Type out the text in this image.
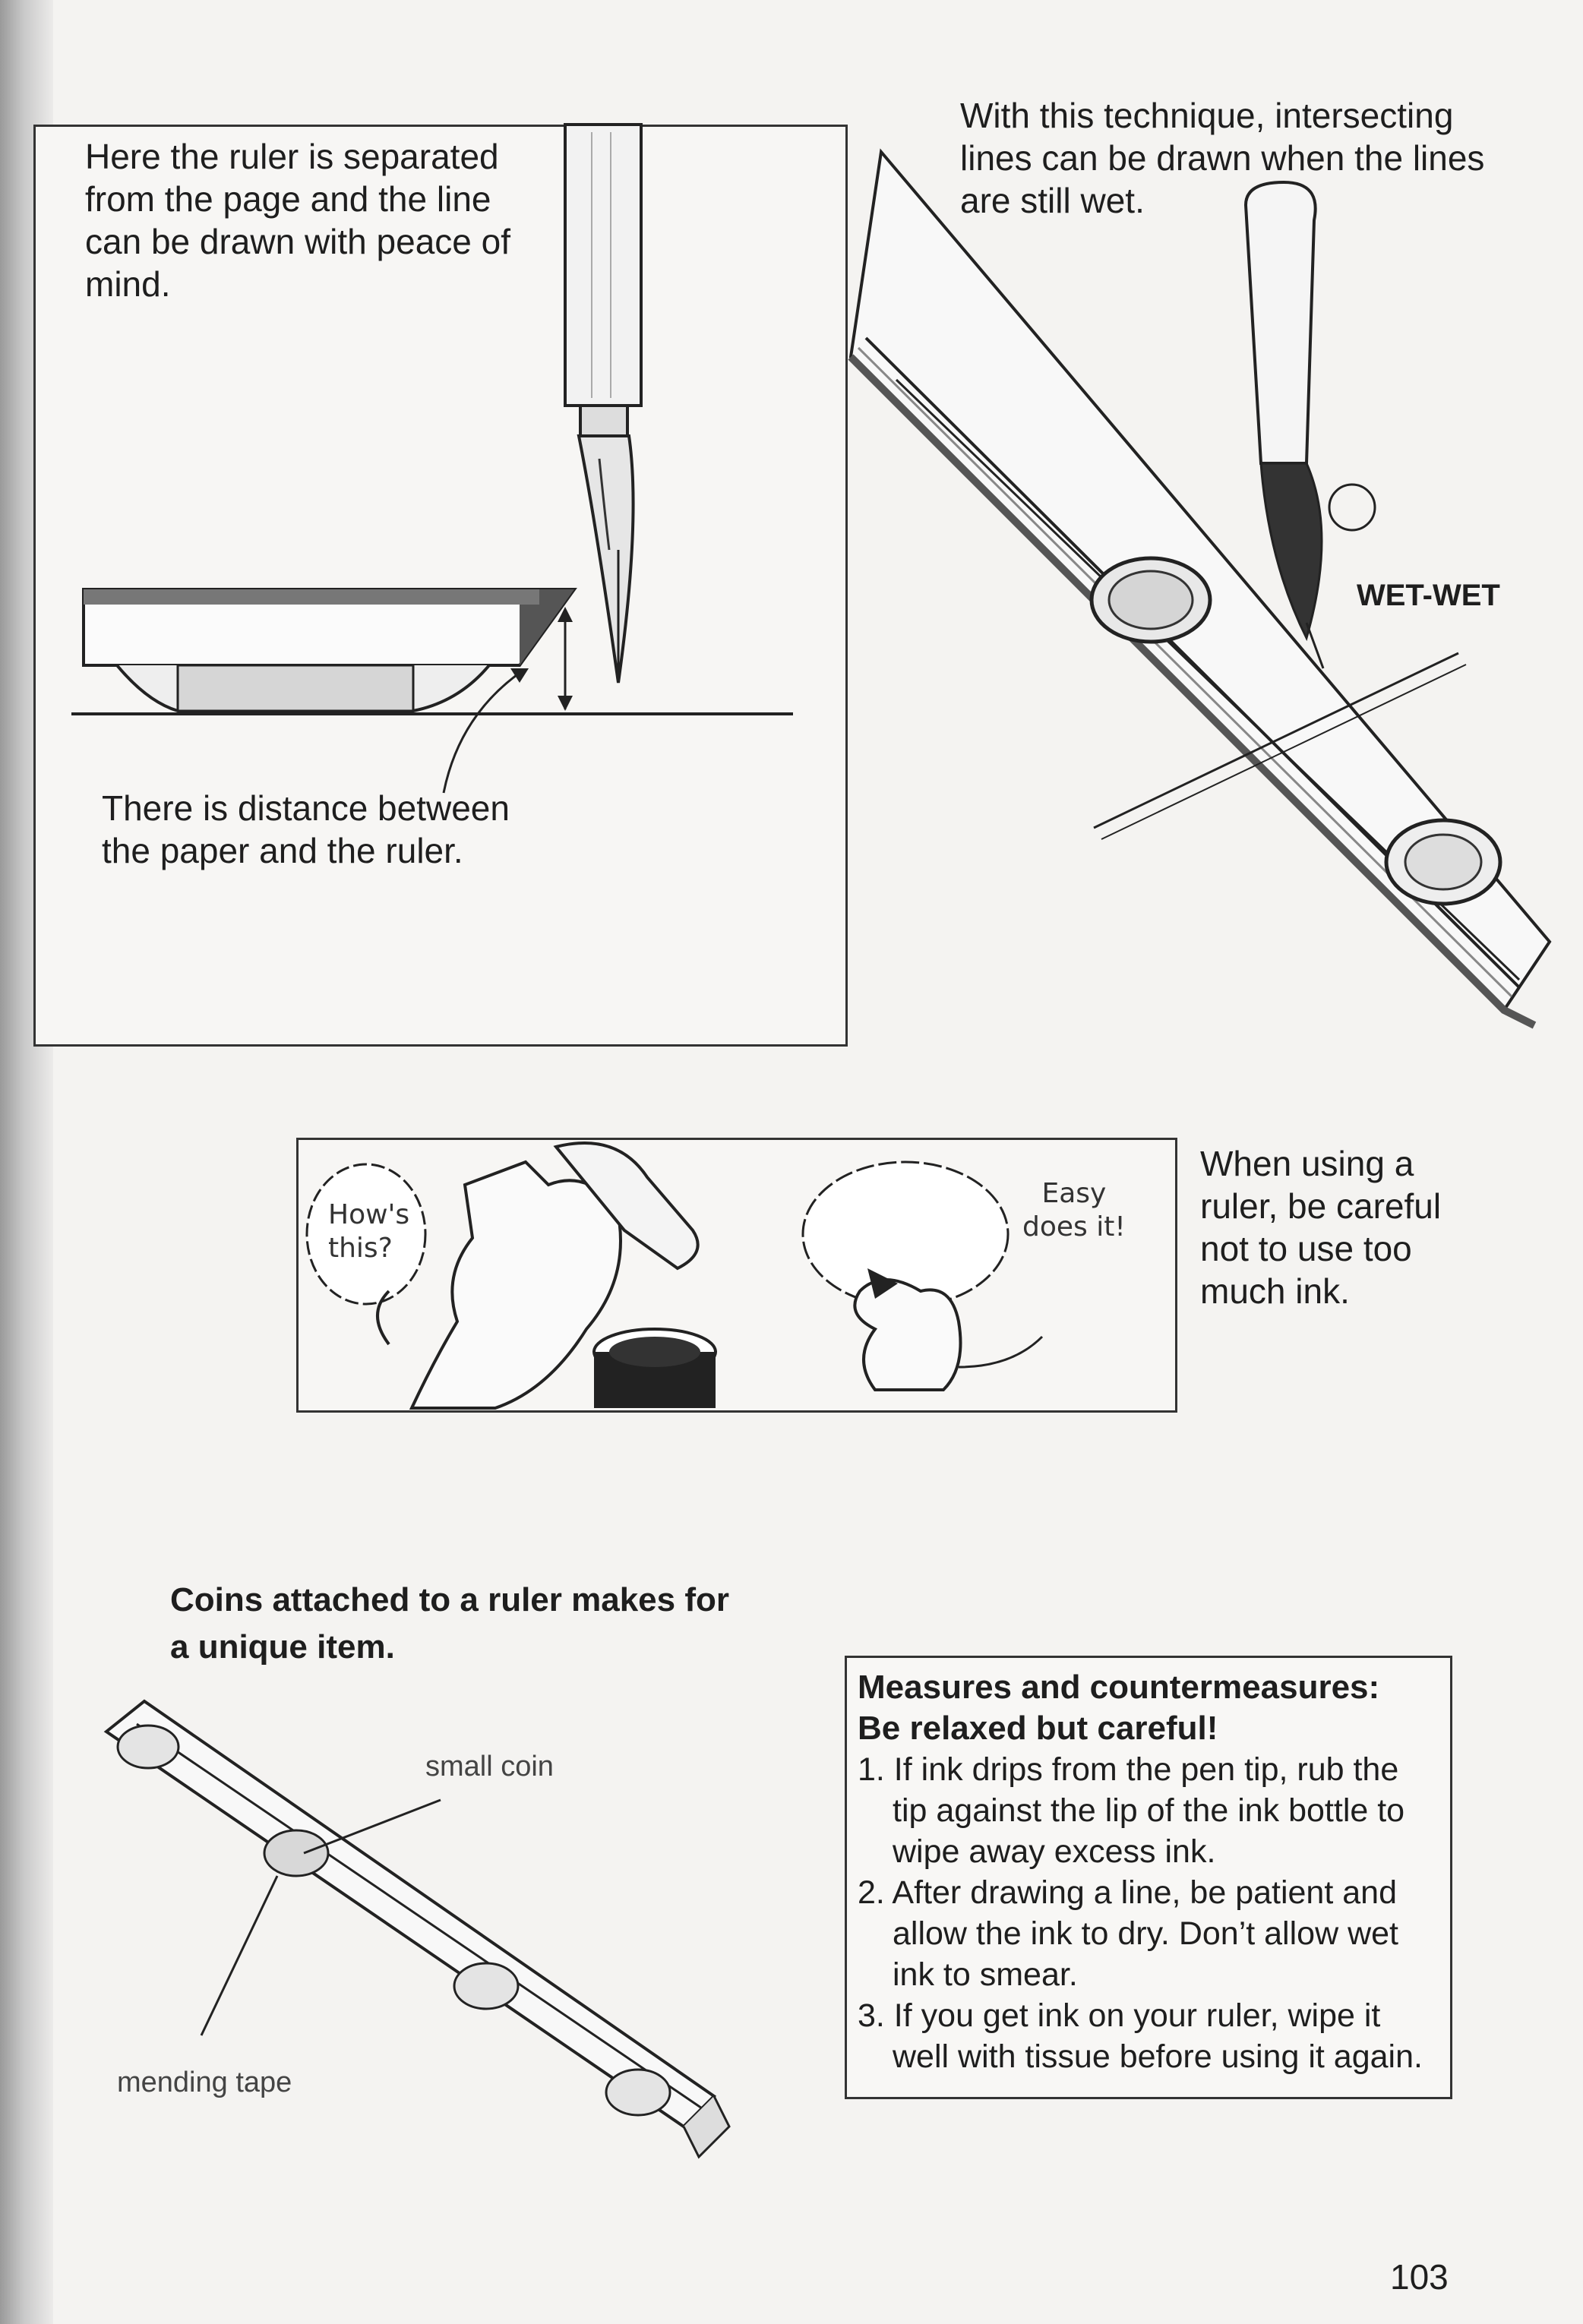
Here the ruler is separated
from the page and the line
can be drawn with peace of
mind.
There is distance between
the paper and the ruler.
With this technique, intersecting
lines can be drawn when the lines
are still wet.
WET-WET
How's
this?
Easy
does it!
When using a
ruler, be careful
not to use too
much ink.
Coins attached to a ruler makes for
a unique item.
small coin
mending tape
Measures and countermeasures:
Be relaxed but careful!
1. If ink drips from the pen tip, rub the tip against the lip of the ink bottle to wipe away excess ink.
2. After drawing a line, be patient and allow the ink to dry. Don’t allow wet ink to smear.
3. If you get ink on your ruler, wipe it well with tissue before using it again.
103
